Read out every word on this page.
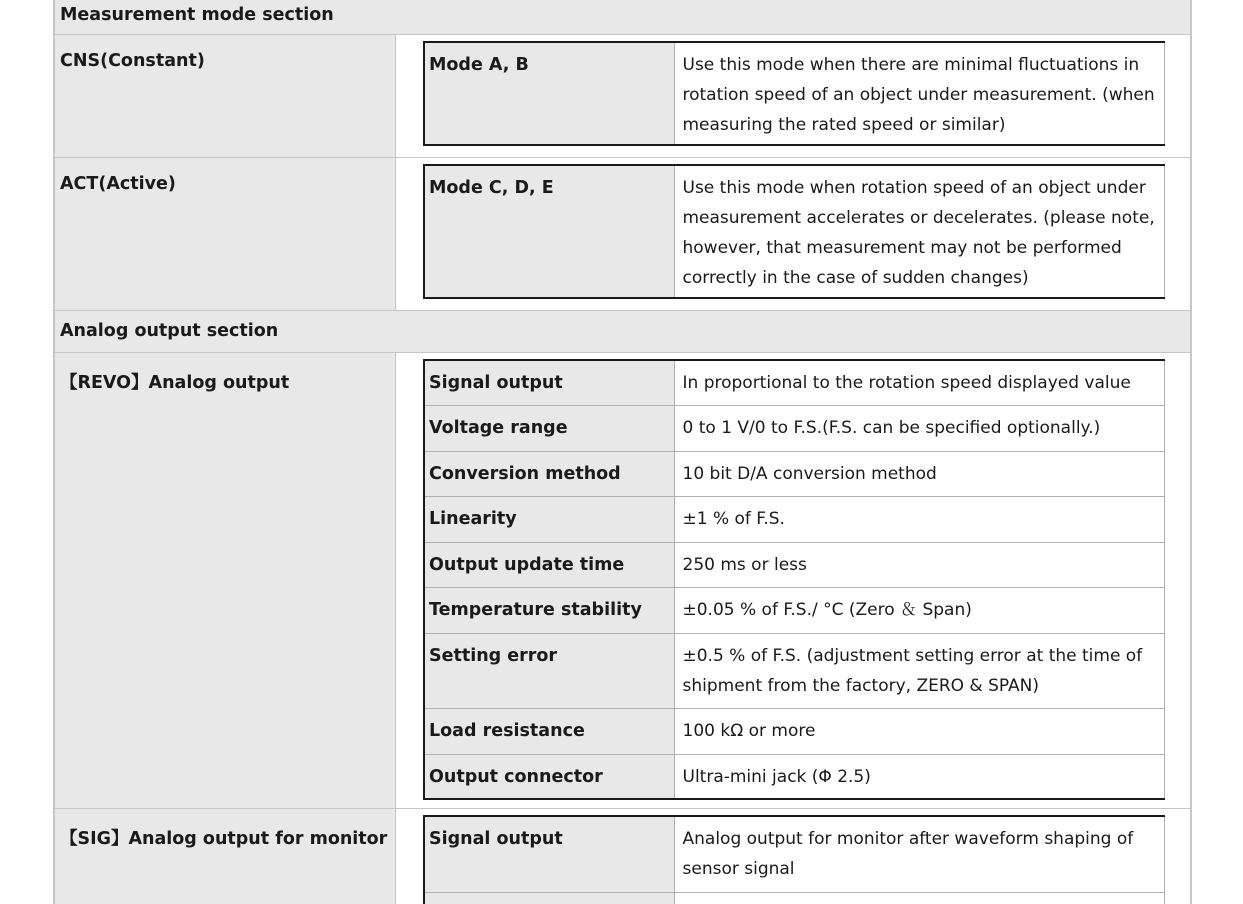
Measurement mode section
CNS(Constant)	Mode A, B	Use this mode when there are minimal fluctuations in rotation speed of an object under measurement. (when measuring the rated speed or similar)
ACT(Active)	Mode C, D, E	Use this mode when rotation speed of an object under measurement accelerates or decelerates. (please note, however, that measurement may not be performed correctly in the case of sudden changes)
Analog output section
【REVO】Analog output	Signal output	In proportional to the rotation speed displayed value
Voltage range	0 to 1 V/0 to F.S.(F.S. can be specified optionally.)
Conversion method	10 bit D/A conversion method
Linearity	±1 % of F.S.
Output update time	250 ms or less
Temperature stability	±0.05 % of F.S./ °C (Zero ＆ Span)
Setting error	±0.5 % of F.S. (adjustment setting error at the time of shipment from the factory, ZERO & SPAN)
Load resistance	100 kΩ or more
Output connector	Ultra-mini jack (Φ 2.5)
【SIG】Analog output for monitor	Signal output	Analog output for monitor after waveform shaping of sensor signal
